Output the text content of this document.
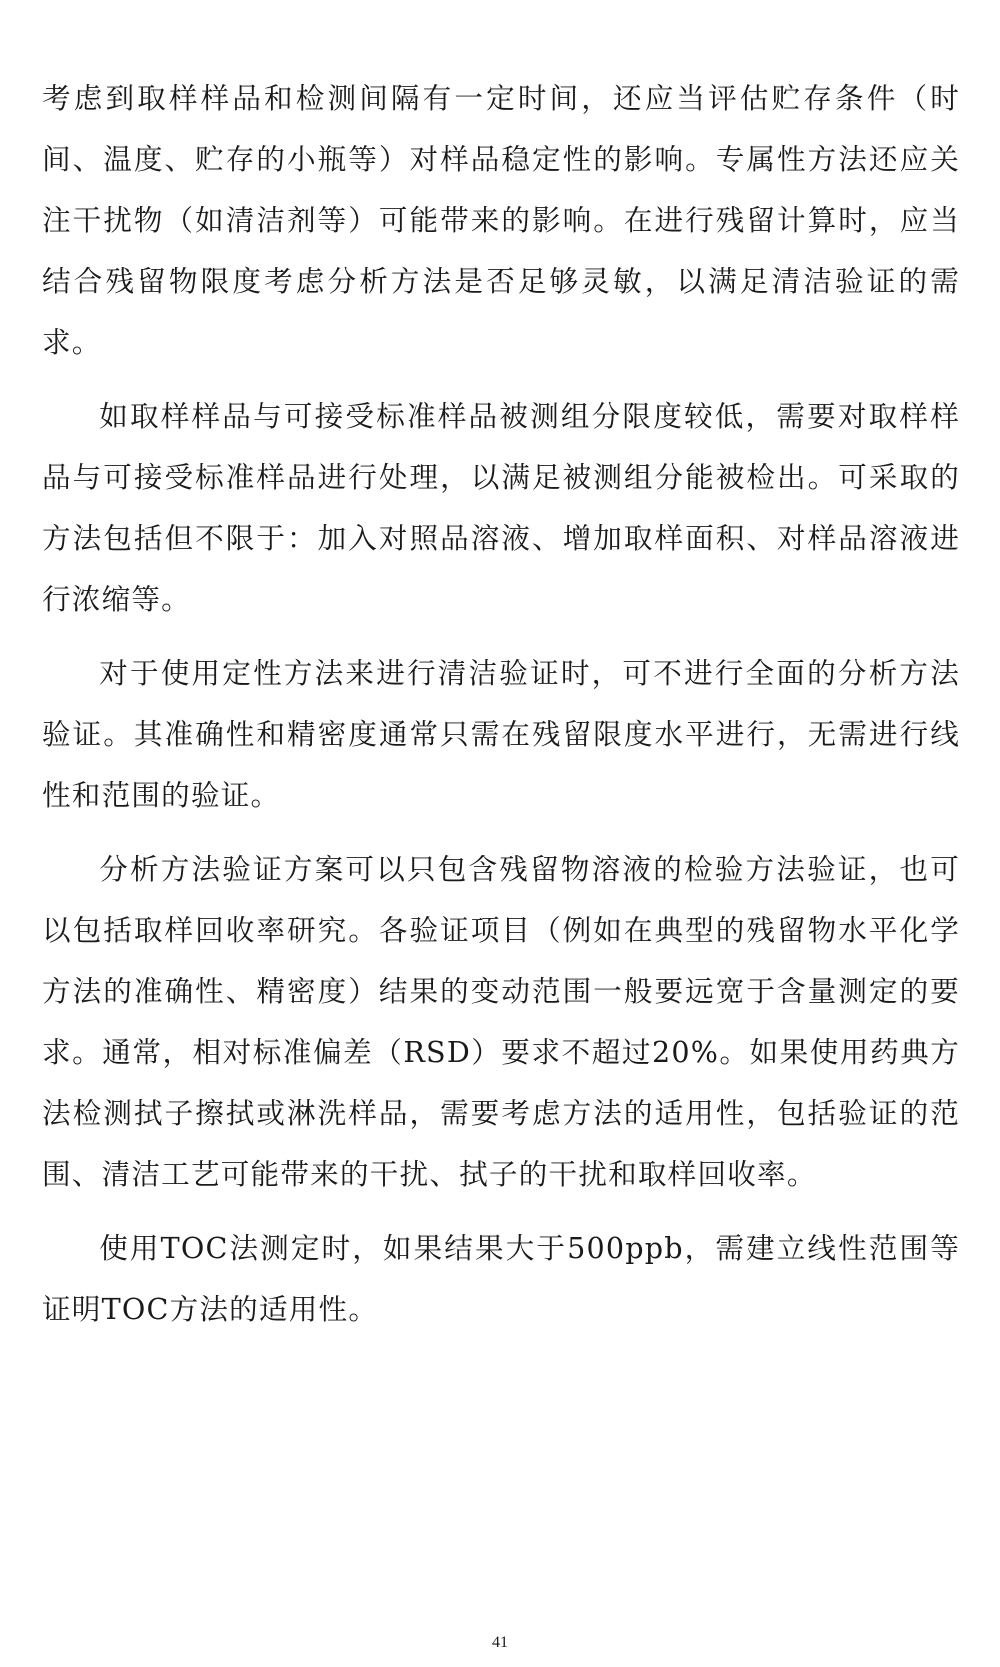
考虑到取样样品和检测间隔有一定时间，还应当评估贮存条件（时间、温度、贮存的小瓶等）对样品稳定性的影响。专属性方法还应关注干扰物（如清洁剂等）可能带来的影响。在进行残留计算时，应当结合残留物限度考虑分析方法是否足够灵敏，以满足清洁验证的需求。

如取样样品与可接受标准样品被测组分限度较低，需要对取样样品与可接受标准样品进行处理，以满足被测组分能被检出。可采取的方法包括但不限于：加入对照品溶液、增加取样面积、对样品溶液进行浓缩等。

对于使用定性方法来进行清洁验证时，可不进行全面的分析方法验证。其准确性和精密度通常只需在残留限度水平进行，无需进行线性和范围的验证。

分析方法验证方案可以只包含残留物溶液的检验方法验证，也可以包括取样回收率研究。各验证项目（例如在典型的残留物水平化学方法的准确性、精密度）结果的变动范围一般要远宽于含量测定的要求。通常，相对标准偏差（RSD）要求不超过20%。如果使用药典方法检测拭子擦拭或淋洗样品，需要考虑方法的适用性，包括验证的范围、清洁工艺可能带来的干扰、拭子的干扰和取样回收率。

使用TOC法测定时，如果结果大于500ppb，需建立线性范围等证明TOC方法的适用性。

41
